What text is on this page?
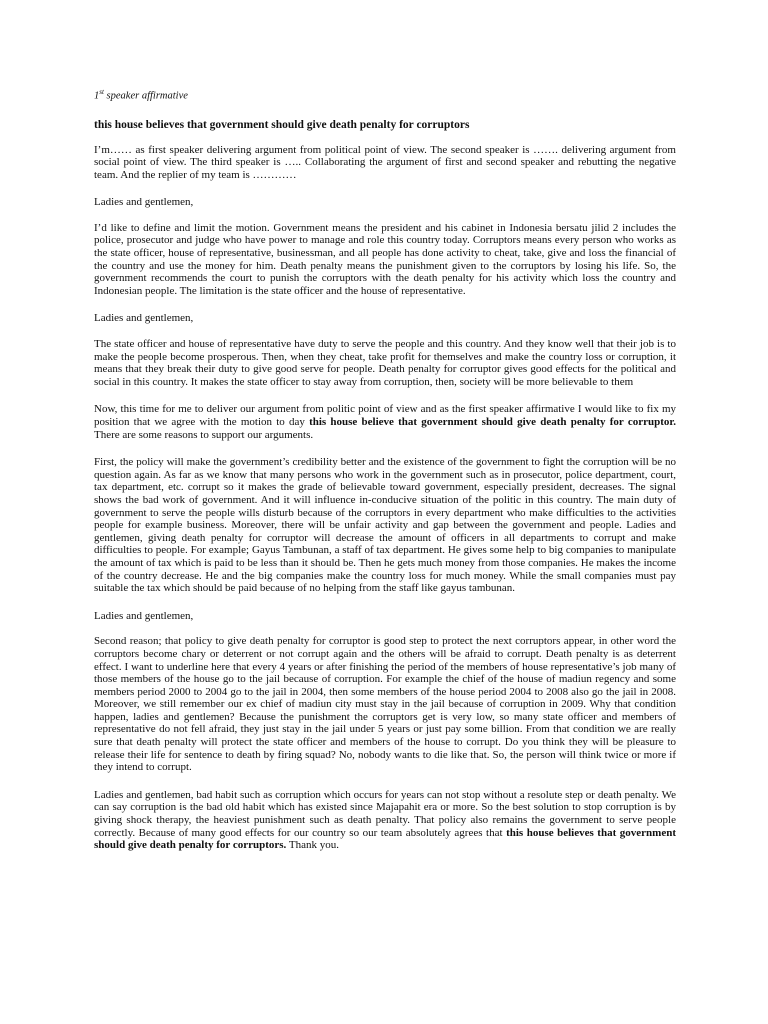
1st speaker affirmative
this house believes that government should give death penalty for corruptors

I’m…… as first speaker delivering argument from political point of view. The second speaker is ……. delivering argument from social point of view. The third speaker is ….. Collaborating the argument of first and second speaker and rebutting the negative team. And the replier of my team is …………

Ladies and gentlemen,

I’d like to define and limit the motion. Government means the president and his cabinet in Indonesia bersatu jilid 2 includes the police, prosecutor and judge who have power to manage and role this country today. Corruptors means every person who works as the state officer, house of representative, businessman, and all people has done activity to cheat, take, give and loss the financial of the country and use the money for him. Death penalty means the punishment given to the corruptors by losing his life. So, the government recommends the court to punish the corruptors with the death penalty for his activity which loss the country and Indonesian people. The limitation is the state officer and the house of representative.

Ladies and gentlemen,

The state officer and house of representative have duty to serve the people and this country. And they know well that their job is to make the people become prosperous. Then, when they cheat, take profit for themselves and make the country loss or corruption, it means that they break their duty to give good serve for people. Death penalty for corruptor gives good effects for the political and social in this country. It makes the state officer to stay away from corruption, then, society will be more believable to them

Now, this time for me to deliver our argument from politic point of view and as the first speaker affirmative I would like to fix my position that we agree with the motion to day this house believe that government should give death penalty for corruptor. There are some reasons to support our arguments.

First, the policy will make the government’s credibility better and the existence of the government to fight the corruption will be no question again. As far as we know that many persons who work in the government such as in prosecutor, police department, court, tax department, etc. corrupt so it makes the grade of believable toward government, especially president, decreases. The signal shows the bad work of government. And it will influence in-conducive situation of the politic in this country. The main duty of government to serve the people wills disturb because of the corruptors in every department who make difficulties to the activities people for example business. Moreover, there will be unfair activity and gap between the government and people. Ladies and gentlemen, giving death penalty for corruptor will decrease the amount of officers in all departments to corrupt and make difficulties to people. For example; Gayus Tambunan, a staff of tax department. He gives some help to big companies to manipulate the amount of tax which is paid to be less than it should be. Then he gets much money from those companies. He makes the income of the country decrease. He and the big companies make the country loss for much money. While the small companies must pay suitable the tax which should be paid because of no helping from the staff like gayus tambunan.

Ladies and gentlemen,

Second reason; that policy to give death penalty for corruptor is good step to protect the next corruptors appear, in other word the corruptors become chary or deterrent or not corrupt again and the others will be afraid to corrupt. Death penalty is as deterrent effect. I want to underline here that every 4 years or after finishing the period of the members of house representative’s job many of those members of the house go to the jail because of corruption. For example the chief of the house of madiun regency and some members period 2000 to 2004 go to the jail in 2004, then some members of the house period 2004 to 2008 also go the jail in 2008. Moreover, we still remember our ex chief of madiun city must stay in the jail because of corruption in 2009. Why that condition happen, ladies and gentlemen? Because the punishment the corruptors get is very low, so many state officer and members of representative do not fell afraid, they just stay in the jail under 5 years or just pay some billion. From that condition we are really sure that death penalty will protect the state officer and members of the house to corrupt. Do you think they will be pleasure to release their life for sentence to death by firing squad? No, nobody wants to die like that. So, the person will think twice or more if they intend to corrupt.

Ladies and gentlemen, bad habit such as corruption which occurs for years can not stop without a resolute step or death penalty. We can say corruption is the bad old habit which has existed since Majapahit era or more. So the best solution to stop corruption is by giving shock therapy, the heaviest punishment such as death penalty. That policy also remains the government to serve people correctly. Because of many good effects for our country so our team absolutely agrees that this house believes that government should give death penalty for corruptors. Thank you.
